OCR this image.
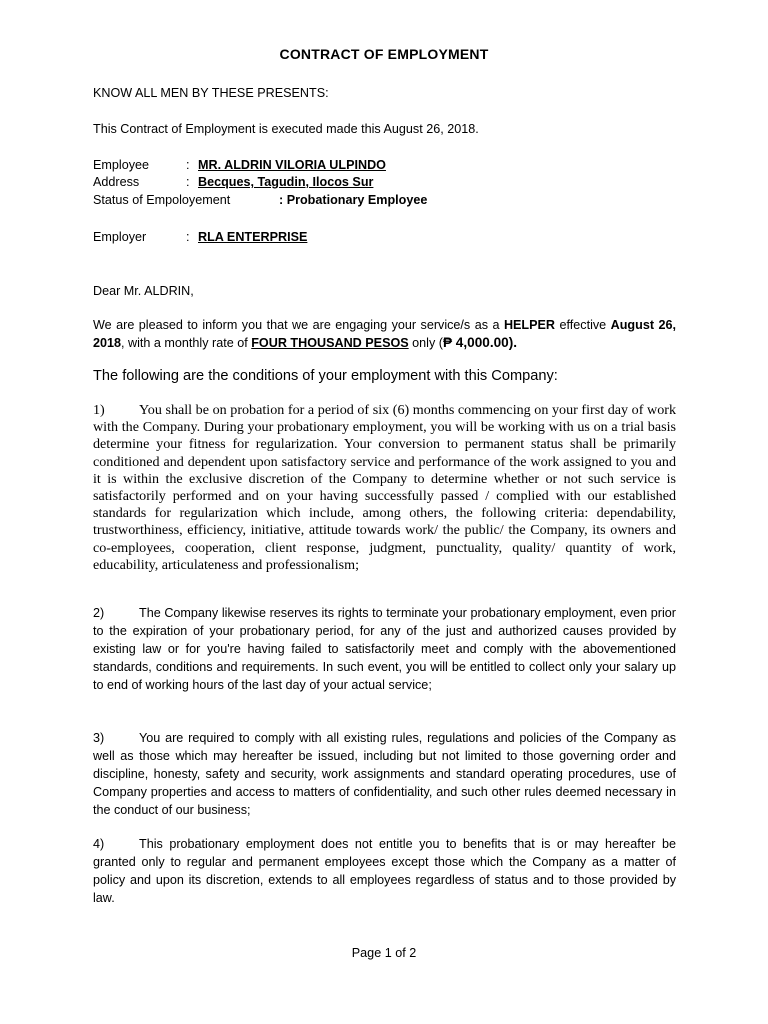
CONTRACT OF EMPLOYMENT
KNOW ALL MEN BY THESE PRESENTS:
This Contract of Employment is executed made this August 26, 2018.
Employee	: MR. ALDRIN VILORIA ULPINDO
Address	: Becques, Tagudin, Ilocos Sur
Status of Empoloyement	: Probationary Employee
Employer	: RLA ENTERPRISE
Dear Mr. ALDRIN,
We are pleased to inform you that we are engaging your service/s as a HELPER effective August 26, 2018, with a monthly rate of FOUR THOUSAND PESOS only (₱ 4,000.00).
The following are the conditions of your employment with this Company:
1) You shall be on probation for a period of six (6) months commencing on your first day of work with the Company. During your probationary employment, you will be working with us on a trial basis determine your fitness for regularization. Your conversion to permanent status shall be primarily conditioned and dependent upon satisfactory service and performance of the work assigned to you and it is within the exclusive discretion of the Company to determine whether or not such service is satisfactorily performed and on your having successfully passed / complied with our established standards for regularization which include, among others, the following criteria: dependability, trustworthiness, efficiency, initiative, attitude towards work/ the public/ the Company, its owners and co-employees, cooperation, client response, judgment, punctuality, quality/ quantity of work, educability, articulateness and professionalism;
2)	The Company likewise reserves its rights to terminate your probationary employment, even prior to the expiration of your probationary period, for any of the just and authorized causes provided by existing law or for you're having failed to satisfactorily meet and comply with the abovementioned standards, conditions and requirements. In such event, you will be entitled to collect only your salary up to end of working hours of the last day of your actual service;
3)	You are required to comply with all existing rules, regulations and policies of the Company as well as those which may hereafter be issued, including but not limited to those governing order and discipline, honesty, safety and security, work assignments and standard operating procedures, use of Company properties and access to matters of confidentiality, and such other rules deemed necessary in the conduct of our business;
4)	This probationary employment does not entitle you to benefits that is or may hereafter be granted only to regular and permanent employees except those which the Company as a matter of policy and upon its discretion, extends to all employees regardless of status and to those provided by law.
Page 1 of 2
